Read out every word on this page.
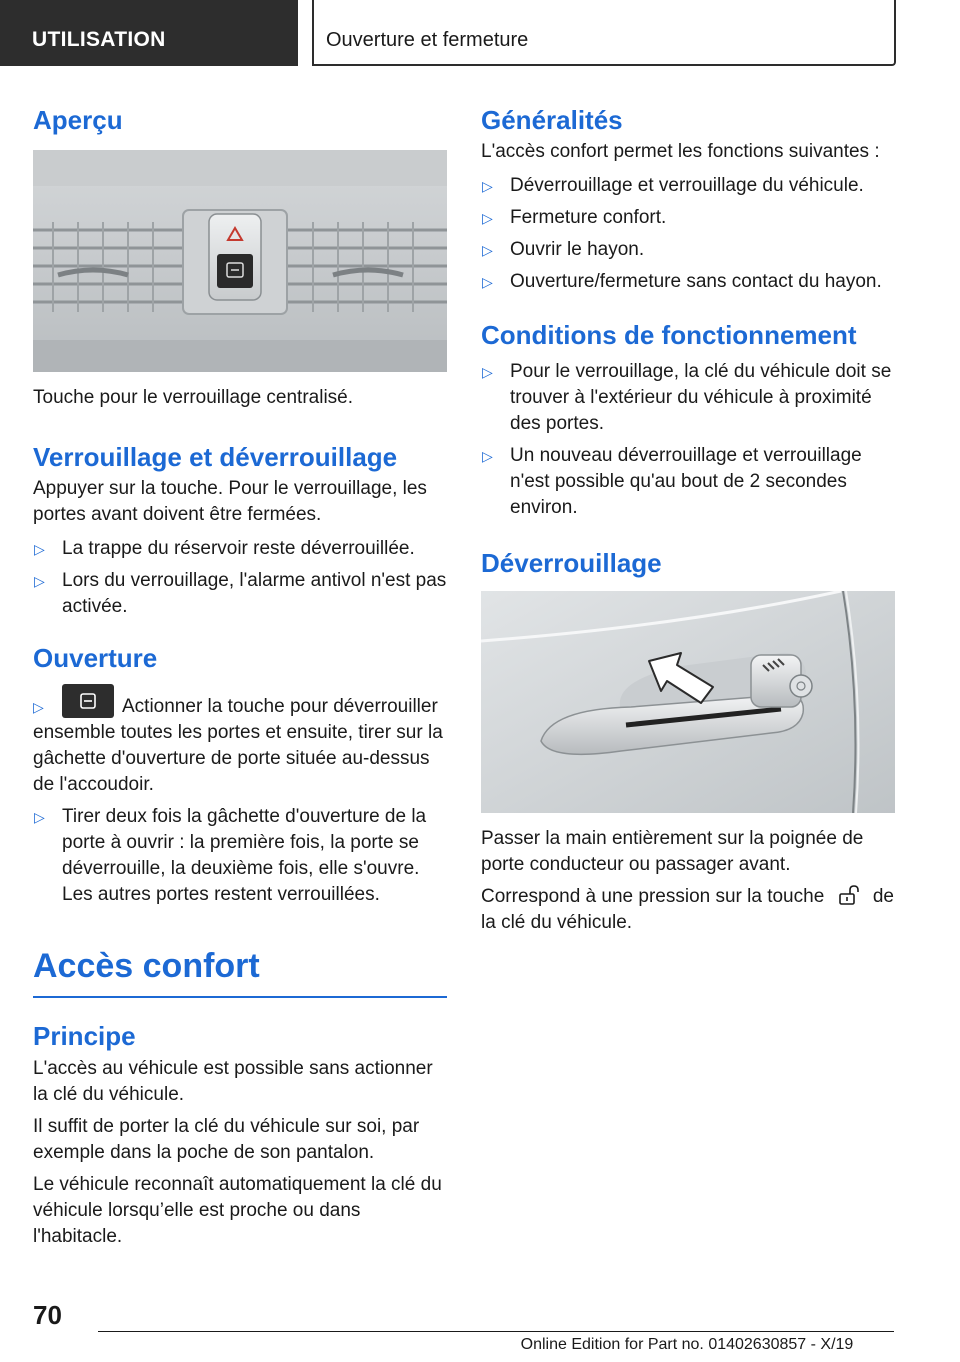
UTILISATION	Ouverture et fermeture
Aperçu

Touche pour le verrouillage centralisé.

Verrouillage et déverrouillage

Appuyer sur la touche. Pour le verrouillage, les portes avant doivent être fermées.

▷ La trappe du réservoir reste déverrouillée.
▷ Lors du verrouillage, l'alarme antivol n'est pas activée.
Ouverture
▷	Actionner la touche pour déverrouiller ensemble toutes les portes et ensuite, tirer sur la gâchette d'ouverture de porte située au-dessus de l'accoudoir.
▷ Tirer deux fois la gâchette d'ouverture de la porte à ouvrir : la première fois, la porte se déverrouille, la deuxième fois, elle s'ouvre. Les autres portes restent verrouillées.
Accès confort
Principe

L'accès au véhicule est possible sans actionner la clé du véhicule.

Il suffit de porter la clé du véhicule sur soi, par exemple dans la poche de son pantalon.

Le véhicule reconnaît automatiquement la clé du véhicule lorsqu’elle est proche ou dans l'habitacle.

Généralités

L'accès confort permet les fonctions suivantes :

▷ Déverrouillage et verrouillage du véhicule.
▷ Fermeture confort.
▷ Ouvrir le hayon.
▷ Ouverture/fermeture sans contact du hayon.
Conditions de fonctionnement
▷ Pour le verrouillage, la clé du véhicule doit se trouver à l'extérieur du véhicule à proximité des portes.
▷ Un nouveau déverrouillage et verrouillage n'est possible qu'au bout de 2 secondes environ.
Déverrouillage

Passer la main entièrement sur la poignée de porte conducteur ou passager avant.

Correspond à une pression sur la touche	de la clé du véhicule.

70
Online Edition for Part no. 01402630857 - X/19
